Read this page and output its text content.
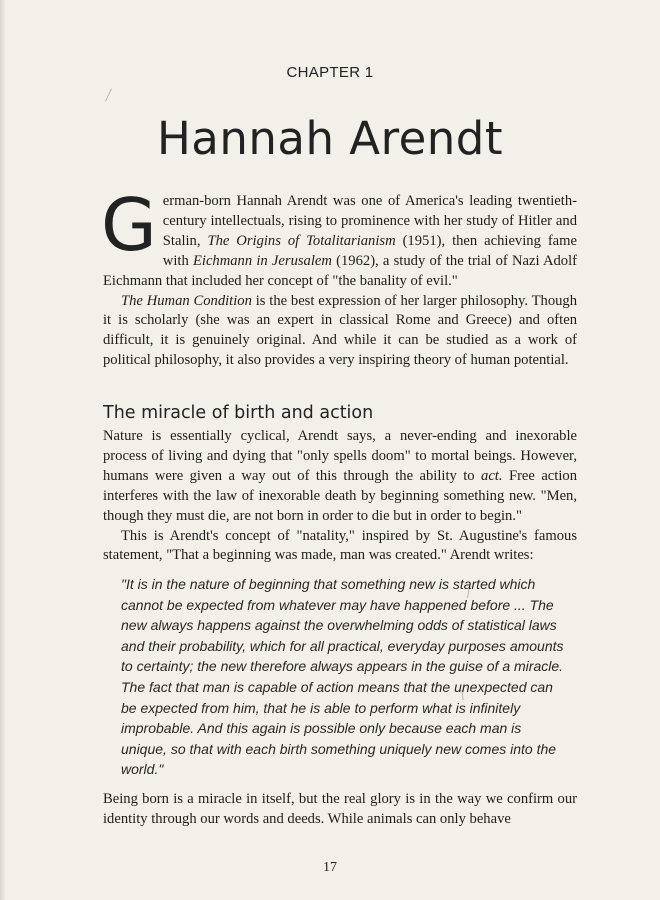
CHAPTER 1
Hannah Arendt

German-born Hannah Arendt was one of America's leading twentieth-century intellectuals, rising to prominence with her study of Hitler and Stalin, The Origins of Totalitarianism (1951), then achieving fame with Eichmann in Jerusalem (1962), a study of the trial of Nazi Adolf Eichmann that included her concept of "the banality of evil."

The Human Condition is the best expression of her larger philosophy. Though it is scholarly (she was an expert in classical Rome and Greece) and often difficult, it is genuinely original. And while it can be studied as a work of political philosophy, it also provides a very inspiring theory of human potential.

The miracle of birth and action

Nature is essentially cyclical, Arendt says, a never-ending and inexorable process of living and dying that "only spells doom" to mortal beings. However, humans were given a way out of this through the ability to act. Free action interferes with the law of inexorable death by beginning something new. "Men, though they must die, are not born in order to die but in order to begin."

This is Arendt's concept of "natality," inspired by St. Augustine's famous statement, "That a beginning was made, man was created." Arendt writes:

"It is in the nature of beginning that something new is started which cannot be expected from whatever may have happened before ... The new always happens against the overwhelming odds of statistical laws and their probability, which for all practical, everyday purposes amounts to certainty; the new therefore always appears in the guise of a miracle. The fact that man is capable of action means that the unexpected can be expected from him, that he is able to perform what is infinitely improbable. And this again is possible only because each man is unique, so that with each birth something uniquely new comes into the world."

Being born is a miracle in itself, but the real glory is in the way we confirm our identity through our words and deeds. While animals can only behave

17
